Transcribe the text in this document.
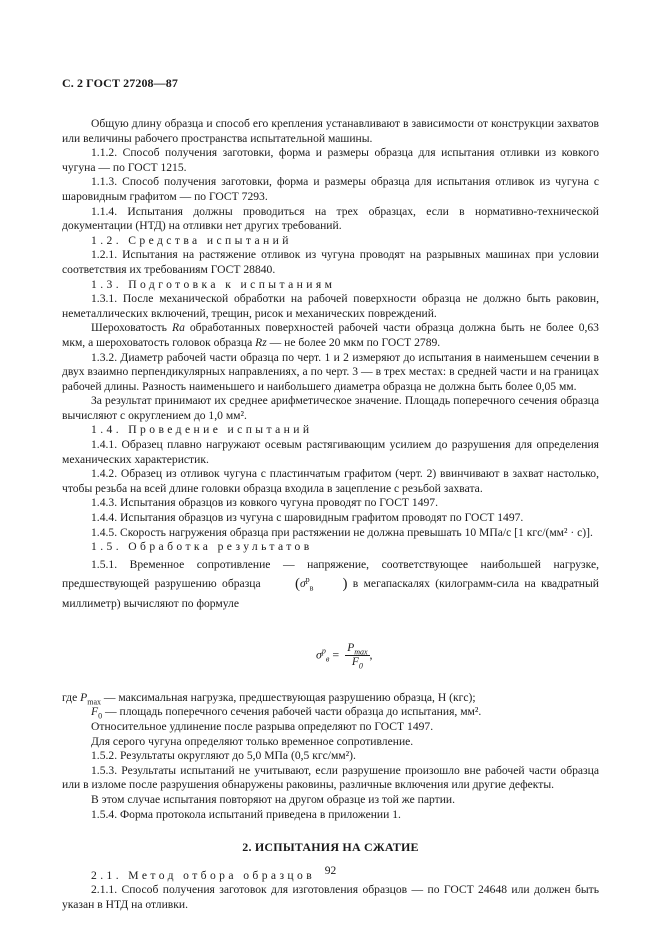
С. 2 ГОСТ 27208—87

Общую длину образца и способ его крепления устанавливают в зависимости от конструкции захватов или величины рабочего пространства испытательной машины.

1.1.2. Способ получения заготовки, форма и размеры образца для испытания отливки из ковкого чугуна — по ГОСТ 1215.

1.1.3. Способ получения заготовки, форма и размеры образца для испытания отливок из чугуна с шаровидным графитом — по ГОСТ 7293.

1.1.4. Испытания должны проводиться на трех образцах, если в нормативно-технической документации (НТД) на отливки нет других требований.

1.2. Средства испытаний

1.2.1. Испытания на растяжение отливок из чугуна проводят на разрывных машинах при условии соответствия их требованиям ГОСТ 28840.

1.3. Подготовка к испытаниям

1.3.1. После механической обработки на рабочей поверхности образца не должно быть раковин, неметаллических включений, трещин, рисок и механических повреждений.

Шероховатость Ra обработанных поверхностей рабочей части образца должна быть не более 0,63 мкм, а шероховатость головок образца Rz — не более 20 мкм по ГОСТ 2789.

1.3.2. Диаметр рабочей части образца по черт. 1 и 2 измеряют до испытания в наименьшем сечении в двух взаимно перпендикулярных направлениях, а по черт. 3 — в трех местах: в средней части и на границах рабочей длины. Разность наименьшего и наибольшего диаметра образца не должна быть более 0,05 мм.

За результат принимают их среднее арифметическое значение. Площадь поперечного сечения образца вычисляют с округлением до 1,0 мм².

1.4. Проведение испытаний

1.4.1. Образец плавно нагружают осевым растягивающим усилием до разрушения для определения механических характеристик.

1.4.2. Образец из отливок чугуна с пластинчатым графитом (черт. 2) ввинчивают в захват настолько, чтобы резьба на всей длине головки образца входила в зацепление с резьбой захвата.

1.4.3. Испытания образцов из ковкого чугуна проводят по ГОСТ 1497.

1.4.4. Испытания образцов из чугуна с шаровидным графитом проводят по ГОСТ 1497.

1.4.5. Скорость нагружения образца при растяжении не должна превышать 10 МПа/с [1 кгс/(мм² · с)].

1.5. Обработка результатов

1.5.1. Временное сопротивление — напряжение, соответствующее наибольшей нагрузке, предшествующей разрушению образца ($\sigma^р_в$ ) в мегапаскалях (килограмм-сила на квадратный миллиметр) вычисляют по формуле

$\sigma^р_в = \frac{P_{max}}{F_0}$ ,

где $P_{max}$ — максимальная нагрузка, предшествующая разрушению образца, Н (кгс);

$F_0$ — площадь поперечного сечения рабочей части образца до испытания, мм².

Относительное удлинение после разрыва определяют по ГОСТ 1497.

Для серого чугуна определяют только временное сопротивление.

1.5.2. Результаты округляют до 5,0 МПа (0,5 кгс/мм²).

1.5.3. Результаты испытаний не учитывают, если разрушение произошло вне рабочей части образца или в изломе после разрушения обнаружены раковины, различные включения или другие дефекты.

В этом случае испытания повторяют на другом образце из той же партии.

1.5.4. Форма протокола испытаний приведена в приложении 1.

2. ИСПЫТАНИЯ НА СЖАТИЕ

2.1. Метод отбора образцов

2.1.1. Способ получения заготовок для изготовления образцов — по ГОСТ 24648 или должен быть указан в НТД на отливки.

92
